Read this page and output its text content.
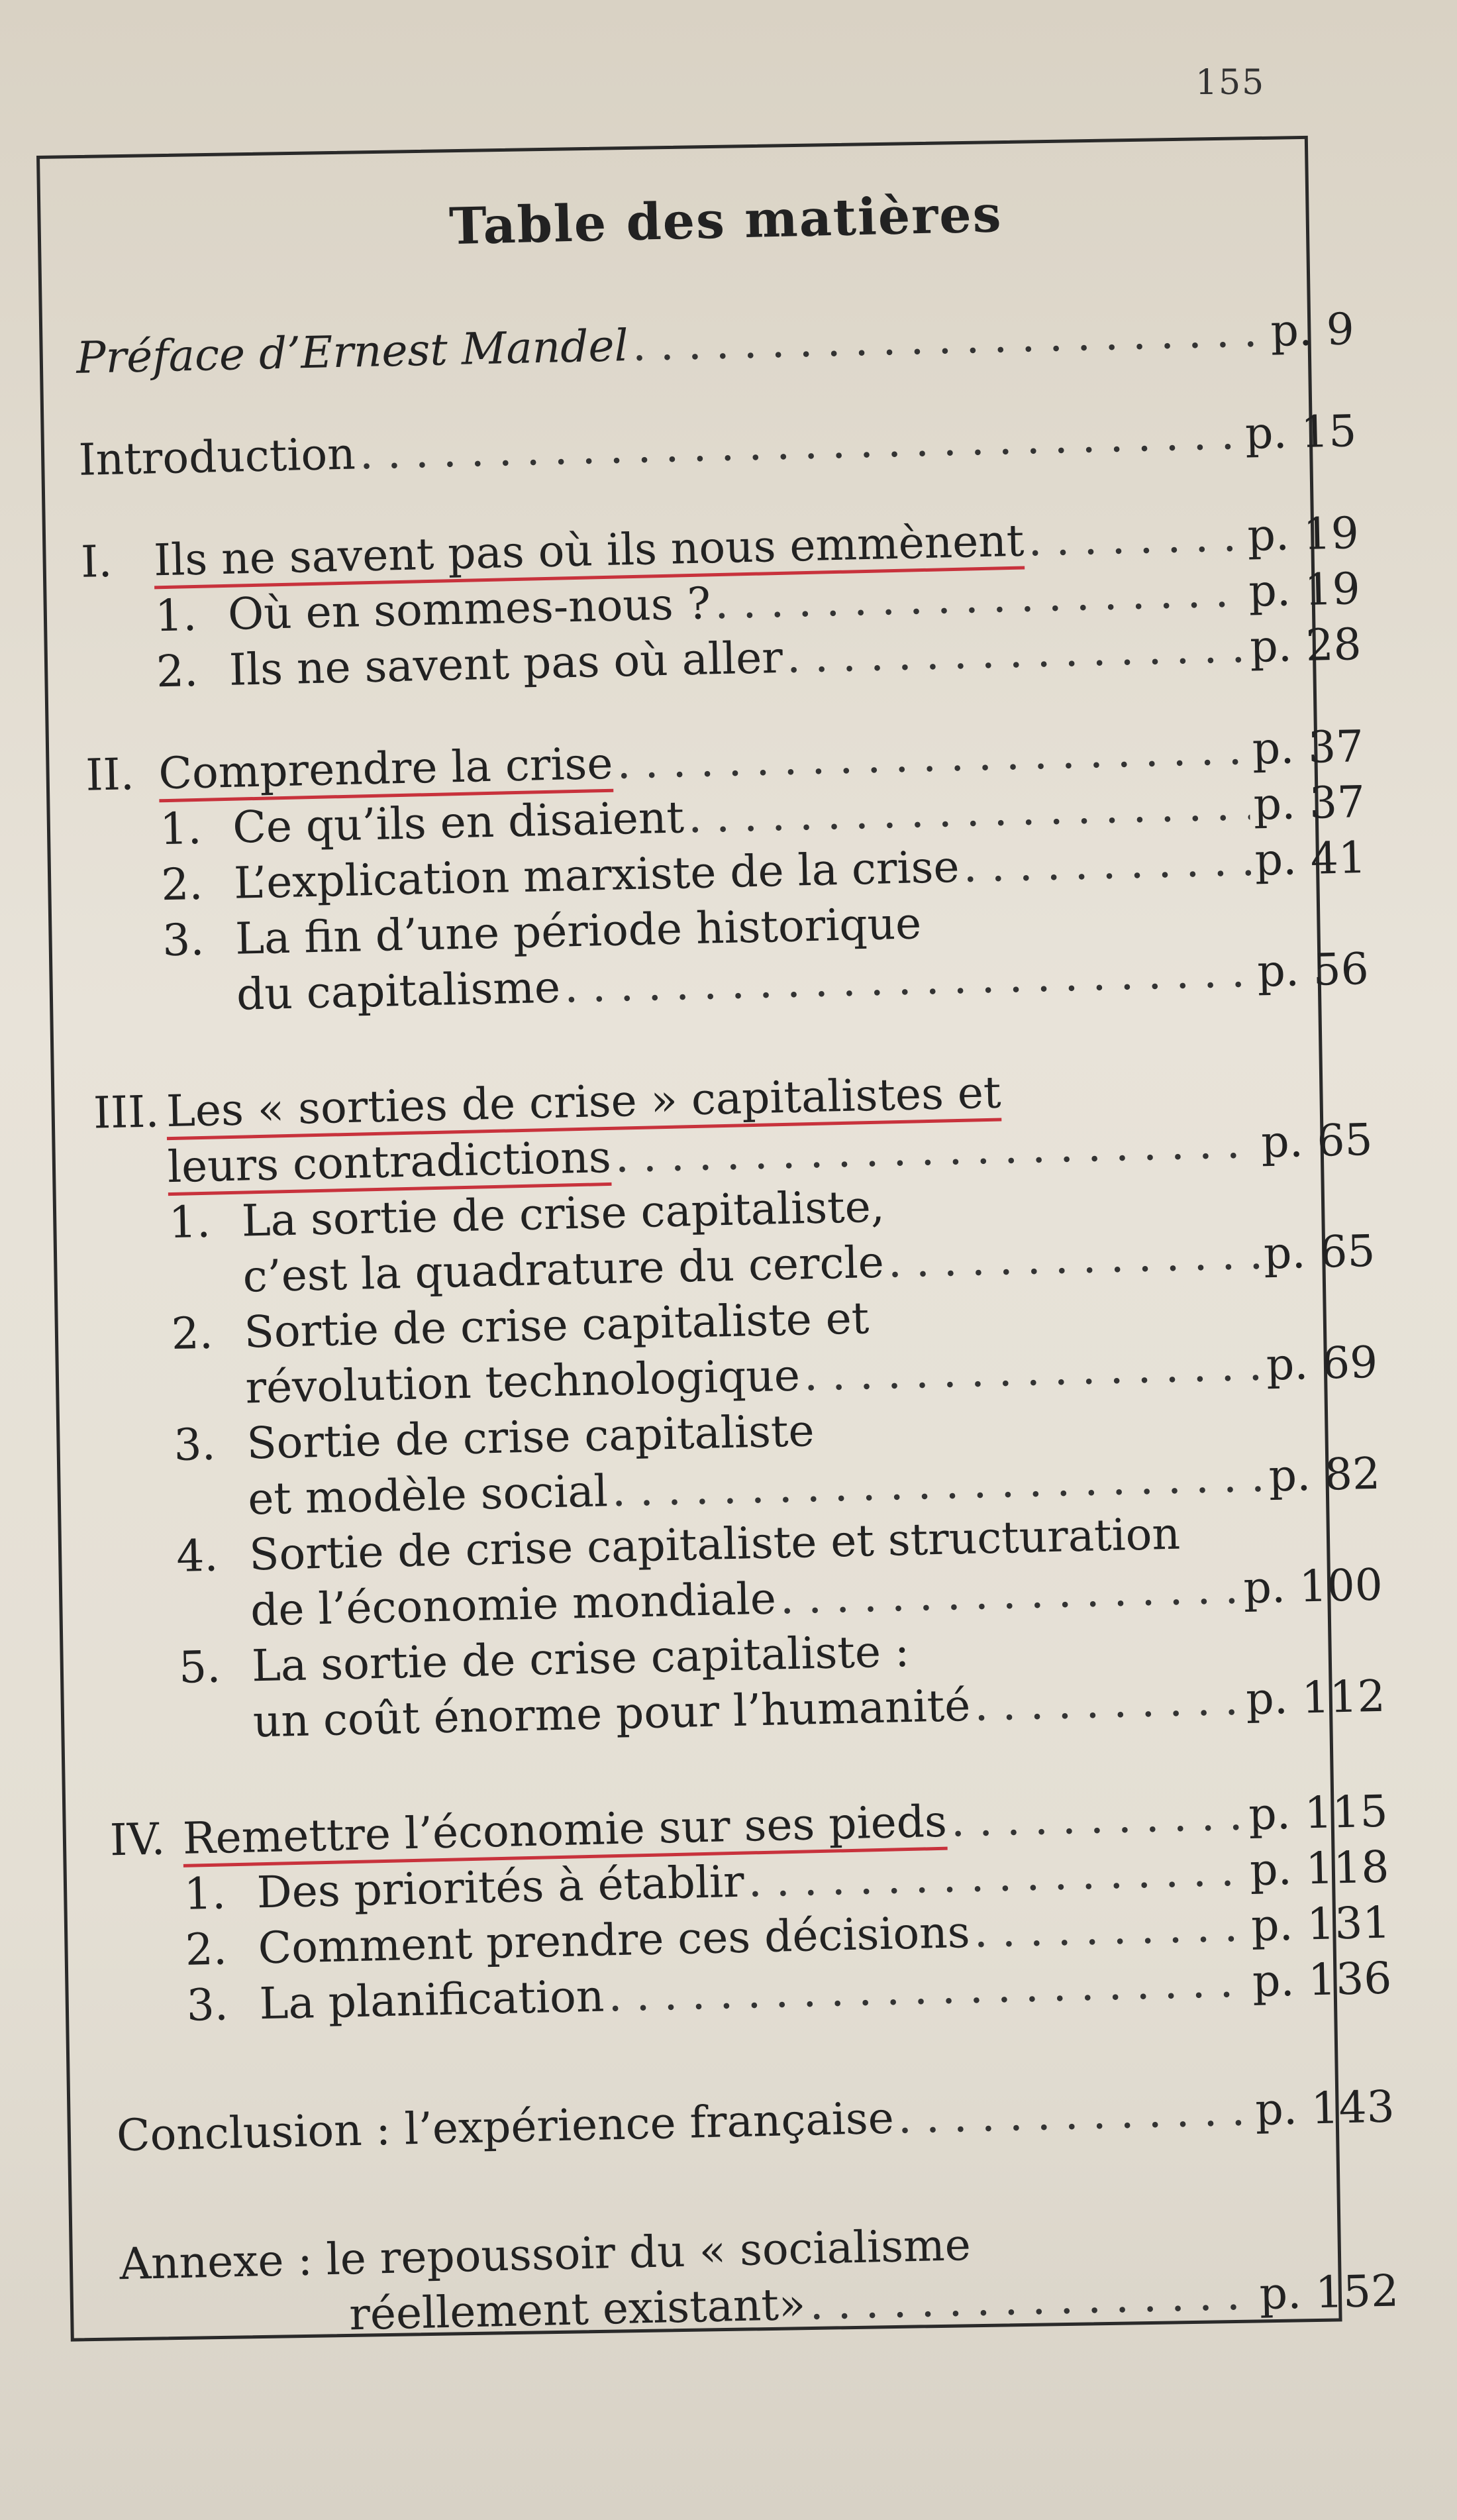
155
Table des matières
Préface d’Ernest Mandel . . .	p. 9
Introduction . . .	p. 15
I. Ils ne savent pas où ils nous emmènent . . .	p. 19
1. Où en sommes-nous ? . . .	p. 19
2. Ils ne savent pas où aller . . .	p. 28
II. Comprendre la crise . . .	p. 37
1. Ce qu’ils en disaient . . .	p. 37
2. L’explication marxiste de la crise . . .	p. 41
3. La fin d’une période historique
du capitalisme . . .	p. 56
III. Les « sorties de crise » capitalistes et
leurs contradictions . . .	p. 65
1. La sortie de crise capitaliste,
c’est la quadrature du cercle . . .	p. 65
2. Sortie de crise capitaliste et
révolution technologique . . .	p. 69
3. Sortie de crise capitaliste
et modèle social . . .	p. 82
4. Sortie de crise capitaliste et structuration
de l’économie mondiale . . .	p. 100
5. La sortie de crise capitaliste :
un coût énorme pour l’humanité . . .	p. 112
IV. Remettre l’économie sur ses pieds . . .	p. 115
1. Des priorités à établir . . .	p. 118
2. Comment prendre ces décisions . . .	p. 131
3. La planification . . .	p. 136
Conclusion : l’expérience française . . .	p. 143
Annexe : le repoussoir du « socialisme
réellement existant» . . .	p. 152
